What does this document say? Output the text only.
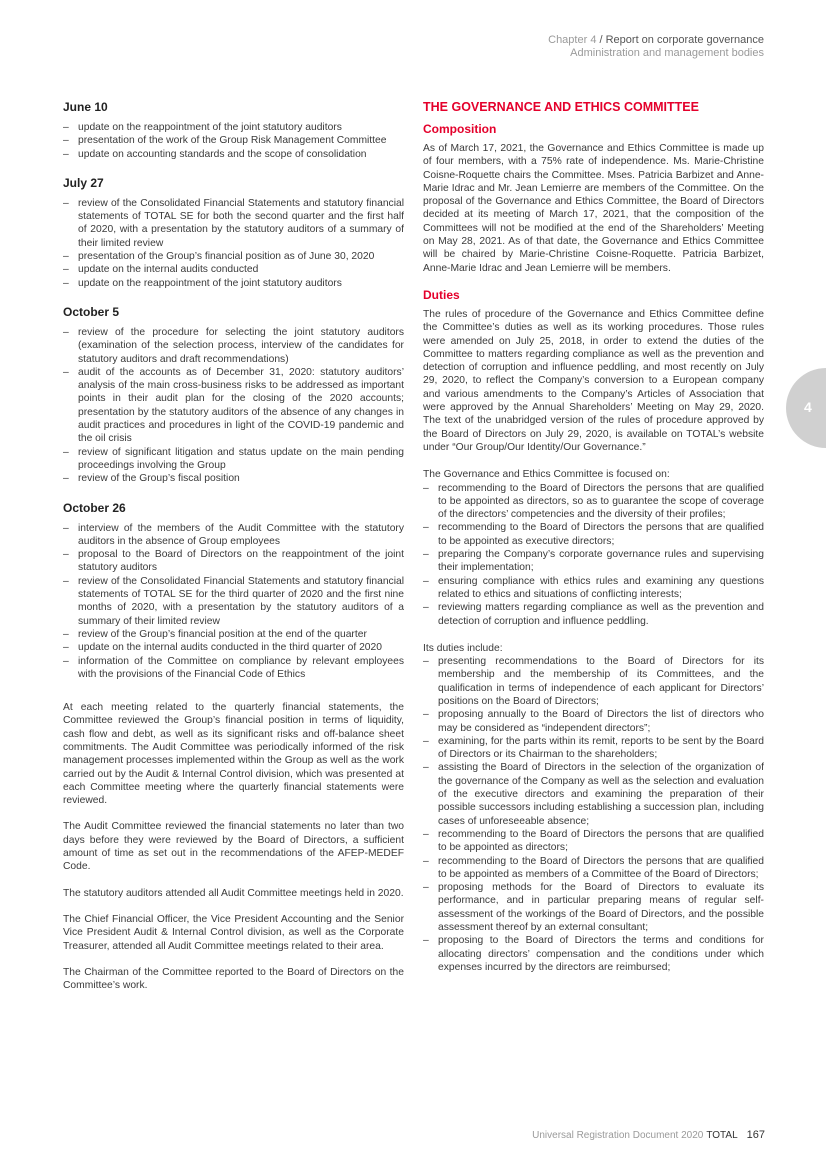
Chapter 4 / Report on corporate governance
Administration and management bodies
June 10
– update on the reappointment of the joint statutory auditors
– presentation of the work of the Group Risk Management Committee
– update on accounting standards and the scope of consolidation
July 27
– review of the Consolidated Financial Statements and statutory financial statements of TOTAL SE for both the second quarter and the first half of 2020, with a presentation by the statutory auditors of a summary of their limited review
– presentation of the Group’s financial position as of June 30, 2020
– update on the internal audits conducted
– update on the reappointment of the joint statutory auditors
October 5
– review of the procedure for selecting the joint statutory auditors (examination of the selection process, interview of the candidates for statutory auditors and draft recommendations)
– audit of the accounts as of December 31, 2020: statutory auditors’ analysis of the main cross-business risks to be addressed as important points in their audit plan for the closing of the 2020 accounts; presentation by the statutory auditors of the absence of any changes in audit practices and procedures in light of the COVID-19 pandemic and the oil crisis
– review of significant litigation and status update on the main pending proceedings involving the Group
– review of the Group’s fiscal position
October 26
– interview of the members of the Audit Committee with the statutory auditors in the absence of Group employees
– proposal to the Board of Directors on the reappointment of the joint statutory auditors
– review of the Consolidated Financial Statements and statutory financial statements of TOTAL SE for the third quarter of 2020 and the first nine months of 2020, with a presentation by the statutory auditors of a summary of their limited review
– review of the Group’s financial position at the end of the quarter
– update on the internal audits conducted in the third quarter of 2020
– information of the Committee on compliance by relevant employees with the provisions of the Financial Code of Ethics

At each meeting related to the quarterly financial statements, the Committee reviewed the Group’s financial position in terms of liquidity, cash flow and debt, as well as its significant risks and off-balance sheet commitments. The Audit Committee was periodically informed of the risk management processes implemented within the Group as well as the work carried out by the Audit & Internal Control division, which was presented at each Committee meeting where the quarterly financial statements were reviewed.

The Audit Committee reviewed the financial statements no later than two days before they were reviewed by the Board of Directors, a sufficient amount of time as set out in the recommendations of the AFEP-MEDEF Code.

The statutory auditors attended all Audit Committee meetings held in 2020.

The Chief Financial Officer, the Vice President Accounting and the Senior Vice President Audit & Internal Control division, as well as the Corporate Treasurer, attended all Audit Committee meetings related to their area.

The Chairman of the Committee reported to the Board of Directors on the Committee’s work.

THE GOVERNANCE AND ETHICS COMMITTEE
Composition

As of March 17, 2021, the Governance and Ethics Committee is made up of four members, with a 75% rate of independence. Ms. Marie-Christine Coisne-Roquette chairs the Committee. Mses. Patricia Barbizet and Anne-Marie Idrac and Mr. Jean Lemierre are members of the Committee. On the proposal of the Governance and Ethics Committee, the Board of Directors decided at its meeting of March 17, 2021, that the composition of the Committees will not be modified at the end of the Shareholders’ Meeting on May 28, 2021. As of that date, the Governance and Ethics Committee will be chaired by Marie-Christine Coisne-Roquette. Patricia Barbizet, Anne-Marie Idrac and Jean Lemierre will be members.

Duties

The rules of procedure of the Governance and Ethics Committee define the Committee’s duties as well as its working procedures. Those rules were amended on July 25, 2018, in order to extend the duties of the Committee to matters regarding compliance as well as the prevention and detection of corruption and influence peddling, and most recently on July 29, 2020, to reflect the Company’s conversion to a European company and various amendments to the Company’s Articles of Association that were approved by the Annual Shareholders’ Meeting on May 29, 2020. The text of the unabridged version of the rules of procedure approved by the Board of Directors on July 29, 2020, is available on TOTAL’s website under “Our Group/Our Identity/Our Governance.”

The Governance and Ethics Committee is focused on:

– recommending to the Board of Directors the persons that are qualified to be appointed as directors, so as to guarantee the scope of coverage of the directors’ competencies and the diversity of their profiles;
– recommending to the Board of Directors the persons that are qualified to be appointed as executive directors;
– preparing the Company’s corporate governance rules and supervising their implementation;
– ensuring compliance with ethics rules and examining any questions related to ethics and situations of conflicting interests;
– reviewing matters regarding compliance as well as the prevention and detection of corruption and influence peddling.

Its duties include:

– presenting recommendations to the Board of Directors for its membership and the membership of its Committees, and the qualification in terms of independence of each applicant for Directors’ positions on the Board of Directors;
– proposing annually to the Board of Directors the list of directors who may be considered as “independent directors”;
– examining, for the parts within its remit, reports to be sent by the Board of Directors or its Chairman to the shareholders;
– assisting the Board of Directors in the selection of the organization of the governance of the Company as well as the selection and evaluation of the executive directors and examining the preparation of their possible successors including establishing a succession plan, including cases of unforeseeable absence;
– recommending to the Board of Directors the persons that are qualified to be appointed as directors;
– recommending to the Board of Directors the persons that are qualified to be appointed as members of a Committee of the Board of Directors;
– proposing methods for the Board of Directors to evaluate its performance, and in particular preparing means of regular self-assessment of the workings of the Board of Directors, and the possible assessment thereof by an external consultant;
– proposing to the Board of Directors the terms and conditions for allocating directors’ compensation and the conditions under which expenses incurred by the directors are reimbursed;
4
Universal Registration Document 2020 TOTAL 167
